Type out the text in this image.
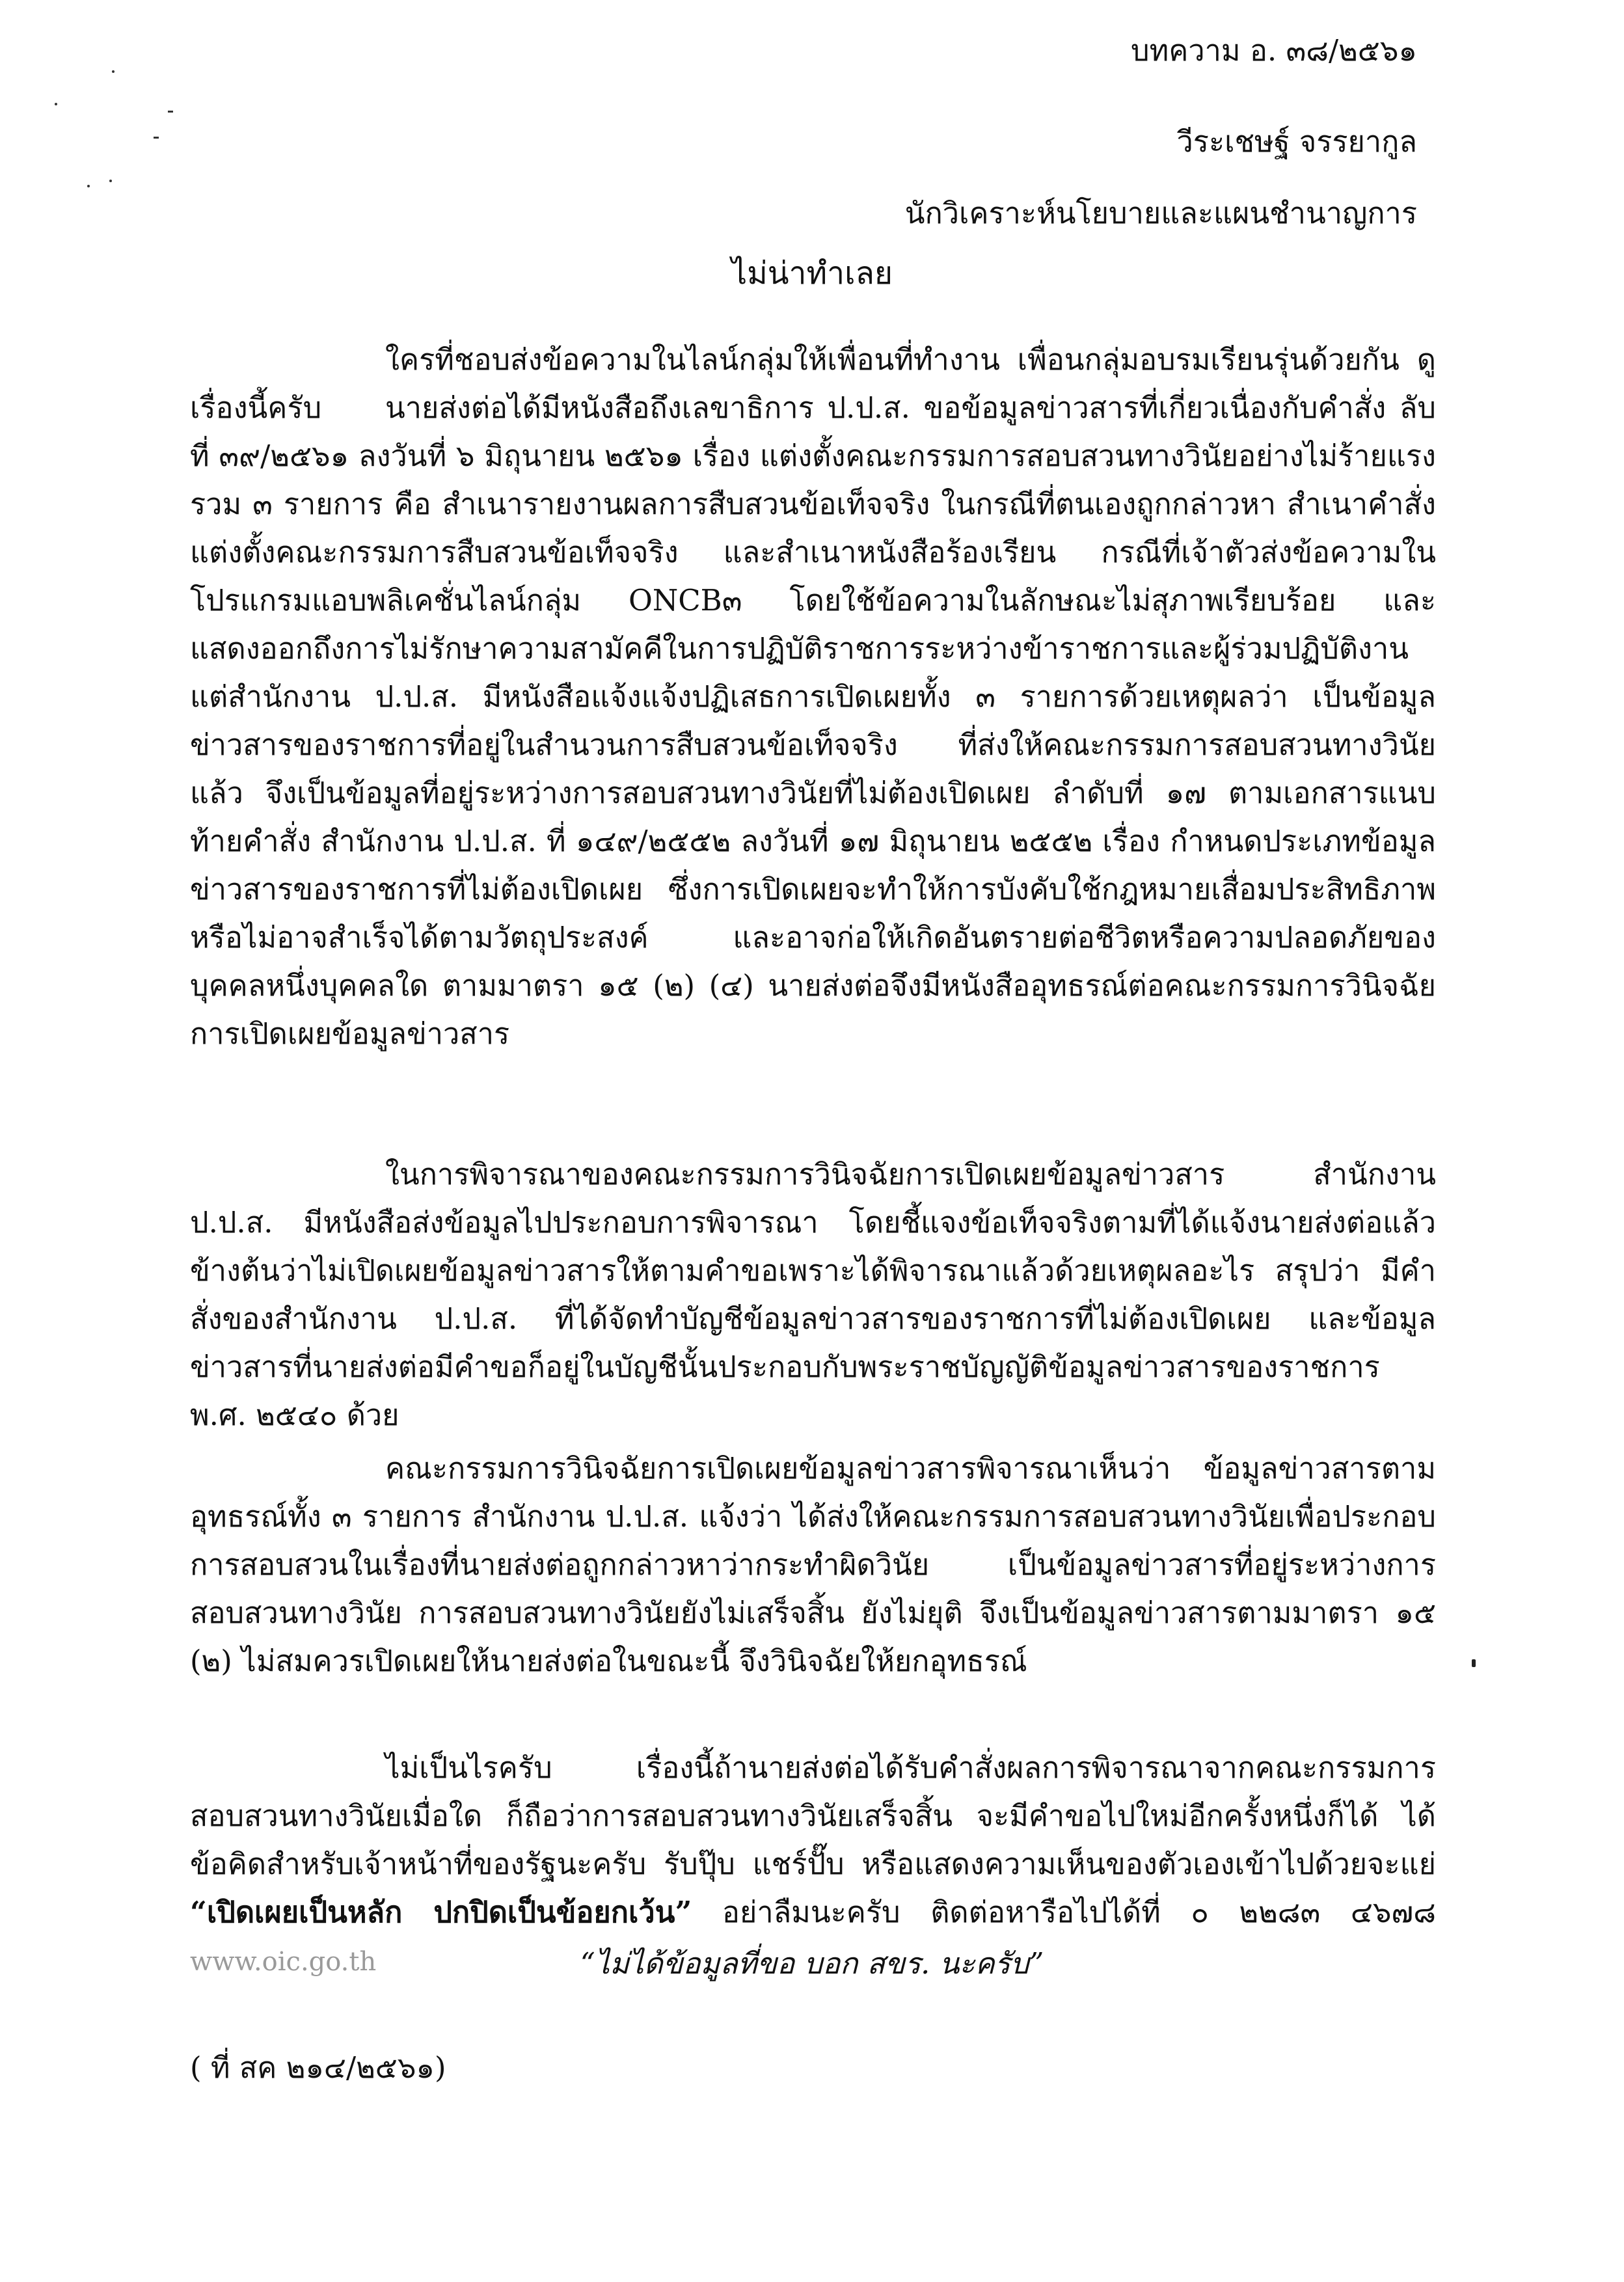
บทความ อ. ๓๘/๒๕๖๑
วีระเชษฐ์ จรรยากูล
นักวิเคราะห์นโยบายและแผนชำนาญการ
ไม่น่าทำเลย

ใครที่ชอบส่งข้อความในไลน์กลุ่มให้เพื่อนที่ทำงาน เพื่อนกลุ่มอบรมเรียนรุ่นด้วยกัน ดูเรื่องนี้ครับ	นายส่งต่อได้มีหนังสือถึงเลขาธิการ ป.ป.ส. ขอข้อมูลข่าวสารที่เกี่ยวเนื่องกับคำสั่ง ลับ ที่ ๓๙/๒๕๖๑ ลงวันที่ ๖ มิถุนายน ๒๕๖๑ เรื่อง แต่งตั้งคณะกรรมการสอบสวนทางวินัยอย่างไม่ร้ายแรง รวม ๓ รายการ คือ สำเนารายงานผลการสืบสวนข้อเท็จจริง ในกรณีที่ตนเองถูกกล่าวหา สำเนาคำสั่งแต่งตั้งคณะกรรมการสืบสวนข้อเท็จจริง และสำเนาหนังสือร้องเรียน กรณีที่เจ้าตัวส่งข้อความในโปรแกรมแอบพลิเคชั่นไลน์กลุ่ม ONCB๓ โดยใช้ข้อความในลักษณะไม่สุภาพเรียบร้อย และแสดงออกถึงการไม่รักษาความสามัคคีในการปฏิบัติราชการระหว่างข้าราชการและผู้ร่วมปฏิบัติงาน แต่สำนักงาน ป.ป.ส. มีหนังสือแจ้งแจ้งปฏิเสธการเปิดเผยทั้ง ๓ รายการด้วยเหตุผลว่า เป็นข้อมูลข่าวสารของราชการที่อยู่ในสำนวนการสืบสวนข้อเท็จจริง ที่ส่งให้คณะกรรมการสอบสวนทางวินัยแล้ว จึงเป็นข้อมูลที่อยู่ระหว่างการสอบสวนทางวินัยที่ไม่ต้องเปิดเผย ลำดับที่ ๑๗ ตามเอกสารแนบท้ายคำสั่ง สำนักงาน ป.ป.ส. ที่ ๑๔๙/๒๕๕๒ ลงวันที่ ๑๗ มิถุนายน ๒๕๕๒ เรื่อง กำหนดประเภทข้อมูลข่าวสารของราชการที่ไม่ต้องเปิดเผย ซึ่งการเปิดเผยจะทำให้การบังคับใช้กฎหมายเสื่อมประสิทธิภาพหรือไม่อาจสำเร็จได้ตามวัตถุประสงค์ และอาจก่อให้เกิดอันตรายต่อชีวิตหรือความปลอดภัยของบุคคลหนึ่งบุคคลใด ตามมาตรา ๑๕ (๒) (๔) นายส่งต่อจึงมีหนังสืออุทธรณ์ต่อคณะกรรมการวินิจฉัยการเปิดเผยข้อมูลข่าวสาร

ในการพิจารณาของคณะกรรมการวินิจฉัยการเปิดเผยข้อมูลข่าวสาร สำนักงาน ป.ป.ส. มีหนังสือส่งข้อมูลไปประกอบการพิจารณา โดยชี้แจงข้อเท็จจริงตามที่ได้แจ้งนายส่งต่อแล้วข้างต้นว่าไม่เปิดเผยข้อมูลข่าวสารให้ตามคำขอเพราะได้พิจารณาแล้วด้วยเหตุผลอะไร สรุปว่า มีคำสั่งของสำนักงาน ป.ป.ส. ที่ได้จัดทำบัญชีข้อมูลข่าวสารของราชการที่ไม่ต้องเปิดเผย และข้อมูลข่าวสารที่นายส่งต่อมีคำขอก็อยู่ในบัญชีนั้นประกอบกับพระราชบัญญัติข้อมูลข่าวสารของราชการ พ.ศ. ๒๕๔๐ ด้วย

คณะกรรมการวินิจฉัยการเปิดเผยข้อมูลข่าวสารพิจารณาเห็นว่า ข้อมูลข่าวสารตามอุทธรณ์ทั้ง ๓ รายการ สำนักงาน ป.ป.ส. แจ้งว่า ได้ส่งให้คณะกรรมการสอบสวนทางวินัยเพื่อประกอบการสอบสวนในเรื่องที่นายส่งต่อถูกกล่าวหาว่ากระทำผิดวินัย เป็นข้อมูลข่าวสารที่อยู่ระหว่างการสอบสวนทางวินัย การสอบสวนทางวินัยยังไม่เสร็จสิ้น ยังไม่ยุติ จึงเป็นข้อมูลข่าวสารตามมาตรา ๑๕ (๒) ไม่สมควรเปิดเผยให้นายส่งต่อในขณะนี้ จึงวินิจฉัยให้ยกอุทธรณ์

ไม่เป็นไรครับ เรื่องนี้ถ้านายส่งต่อได้รับคำสั่งผลการพิจารณาจากคณะกรรมการสอบสวนทางวินัยเมื่อใด ก็ถือว่าการสอบสวนทางวินัยเสร็จสิ้น จะมีคำขอไปใหม่อีกครั้งหนึ่งก็ได้ ได้ข้อคิดสำหรับเจ้าหน้าที่ของรัฐนะครับ รับปุ๊บ แชร์ปั๊บ หรือแสดงความเห็นของตัวเองเข้าไปด้วยจะแย่ “เปิดเผยเป็นหลัก ปกปิดเป็นข้อยกเว้น” อย่าลืมนะครับ ติดต่อหารือไปได้ที่ ๐ ๒๒๘๓ ๔๖๗๘ www.oic.go.th	“ไม่ได้ข้อมูลที่ขอ บอก สขร. นะครับ”
( ที่ สค ๒๑๔/๒๕๖๑)
